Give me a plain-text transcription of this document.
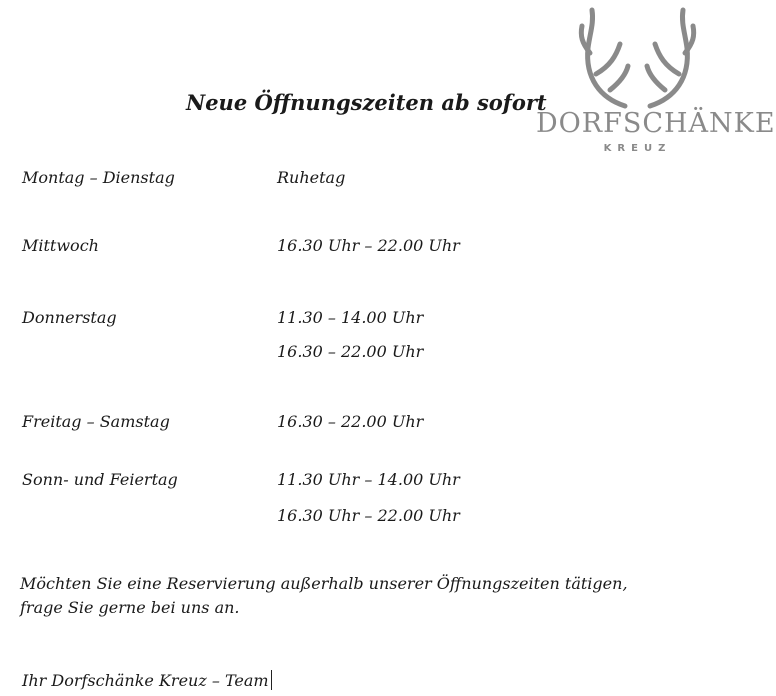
Neue Öffnungszeiten ab sofort
DORFSCHÄNKE
KREUZ
Montag – Dienstag	Ruhetag
Mittwoch	16.30 Uhr – 22.00 Uhr
Donnerstag	11.30 – 14.00 Uhr
16.30 – 22.00 Uhr
Freitag – Samstag	16.30 – 22.00 Uhr
Sonn- und Feiertag	11.30 Uhr – 14.00 Uhr
16.30 Uhr – 22.00 Uhr
Möchten Sie eine Reservierung außerhalb unserer Öffnungszeiten tätigen,
frage Sie gerne bei uns an.
Ihr Dorfschänke Kreuz – Team
